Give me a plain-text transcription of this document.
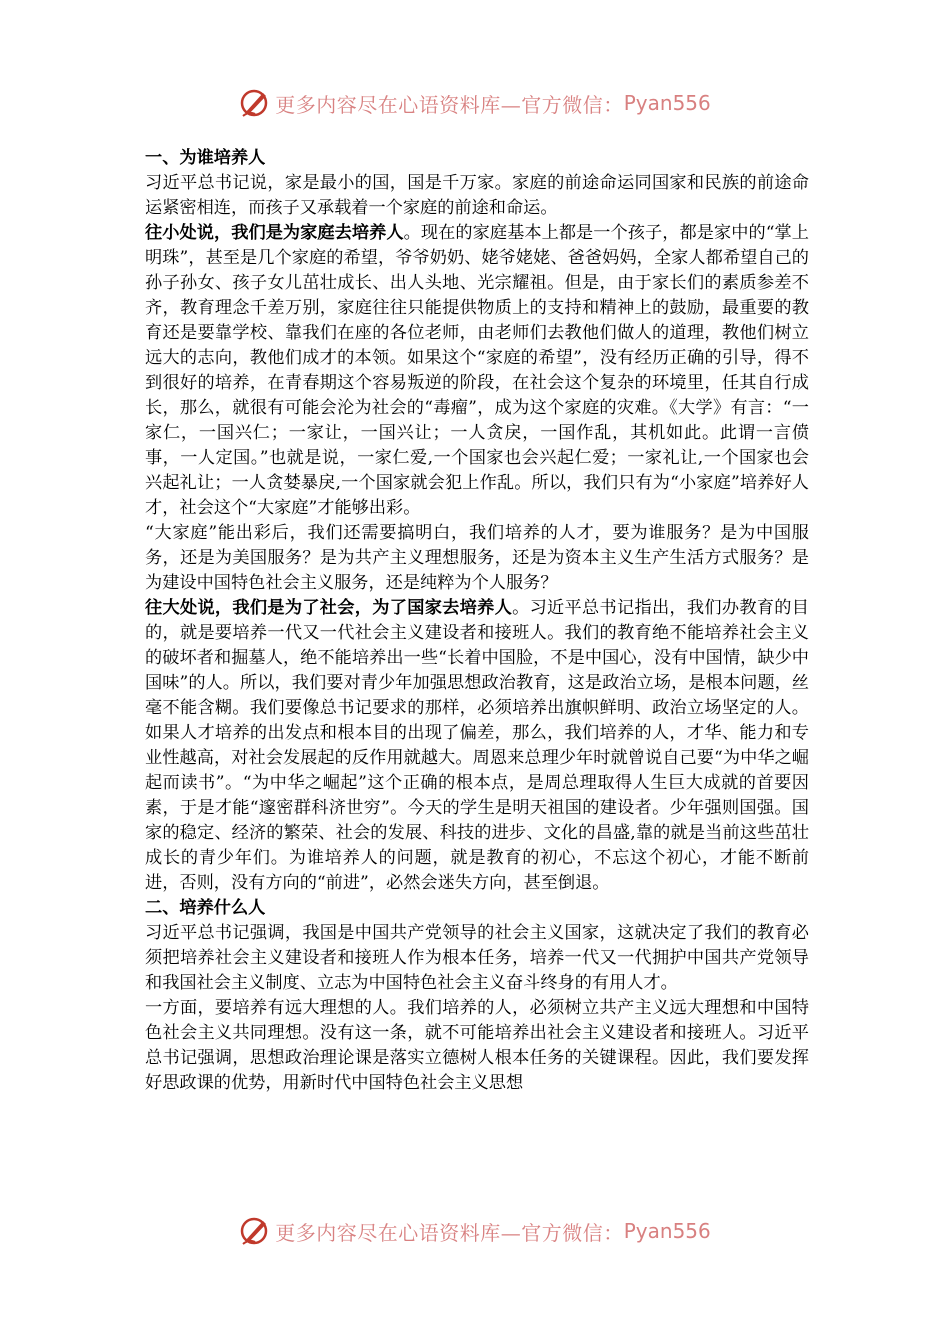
更多内容尽在心语资料库—官方微信： Pyan556

一、为谁培养人

习近平总书记说，家是最小的国，国是千万家。家庭的前途命运同国家和民族的前途命运紧密相连，而孩子又承载着一个家庭的前途和命运。

往小处说，我们是为家庭去培养人。现在的家庭基本上都是一个孩子，都是家中的“掌上明珠”，甚至是几个家庭的希望，爷爷奶奶、姥爷姥姥、爸爸妈妈，全家人都希望自己的孙子孙女、孩子女儿茁壮成长、出人头地、光宗耀祖。但是，由于家长们的素质参差不齐，教育理念千差万别，家庭往往只能提供物质上的支持和精神上的鼓励，最重要的教育还是要靠学校、靠我们在座的各位老师，由老师们去教他们做人的道理，教他们树立远大的志向，教他们成才的本领。如果这个“家庭的希望”，没有经历正确的引导，得不到很好的培养，在青春期这个容易叛逆的阶段，在社会这个复杂的环境里，任其自行成长，那么，就很有可能会沦为社会的“毒瘤”，成为这个家庭的灾难。《大学》有言：“一家仁，一国兴仁；一家让，一国兴让；一人贪戾，一国作乱，其机如此。此谓一言偾事，一人定国。”也就是说，一家仁爱,一个国家也会兴起仁爱；一家礼让,一个国家也会兴起礼让；一人贪婪暴戾,一个国家就会犯上作乱。所以，我们只有为“小家庭”培养好人才，社会这个“大家庭”才能够出彩。

“大家庭”能出彩后，我们还需要搞明白，我们培养的人才，要为谁服务？是为中国服务，还是为美国服务？是为共产主义理想服务，还是为资本主义生产生活方式服务？是为建设中国特色社会主义服务，还是纯粹为个人服务？

往大处说，我们是为了社会，为了国家去培养人。习近平总书记指出，我们办教育的目的，就是要培养一代又一代社会主义建设者和接班人。我们的教育绝不能培养社会主义的破坏者和掘墓人，绝不能培养出一些“长着中国脸，不是中国心，没有中国情，缺少中国味”的人。所以，我们要对青少年加强思想政治教育，这是政治立场，是根本问题，丝毫不能含糊。我们要像总书记要求的那样，必须培养出旗帜鲜明、政治立场坚定的人。如果人才培养的出发点和根本目的出现了偏差，那么，我们培养的人，才华、能力和专业性越高，对社会发展起的反作用就越大。周恩来总理少年时就曾说自己要“为中华之崛起而读书”。“为中华之崛起”这个正确的根本点，是周总理取得人生巨大成就的首要因素，于是才能“邃密群科济世穷”。今天的学生是明天祖国的建设者。少年强则国强。国家的稳定、经济的繁荣、社会的发展、科技的进步、文化的昌盛,靠的就是当前这些茁壮成长的青少年们。为谁培养人的问题，就是教育的初心，不忘这个初心，才能不断前进，否则，没有方向的“前进”，必然会迷失方向，甚至倒退。

二、培养什么人

习近平总书记强调，我国是中国共产党领导的社会主义国家，这就决定了我们的教育必须把培养社会主义建设者和接班人作为根本任务，培养一代又一代拥护中国共产党领导和我国社会主义制度、立志为中国特色社会主义奋斗终身的有用人才。

一方面，要培养有远大理想的人。我们培养的人，必须树立共产主义远大理想和中国特色社会主义共同理想。没有这一条，就不可能培养出社会主义建设者和接班人。习近平总书记强调，思想政治理论课是落实立德树人根本任务的关键课程。因此，我们要发挥好思政课的优势，用新时代中国特色社会主义思想

更多内容尽在心语资料库—官方微信： Pyan556
